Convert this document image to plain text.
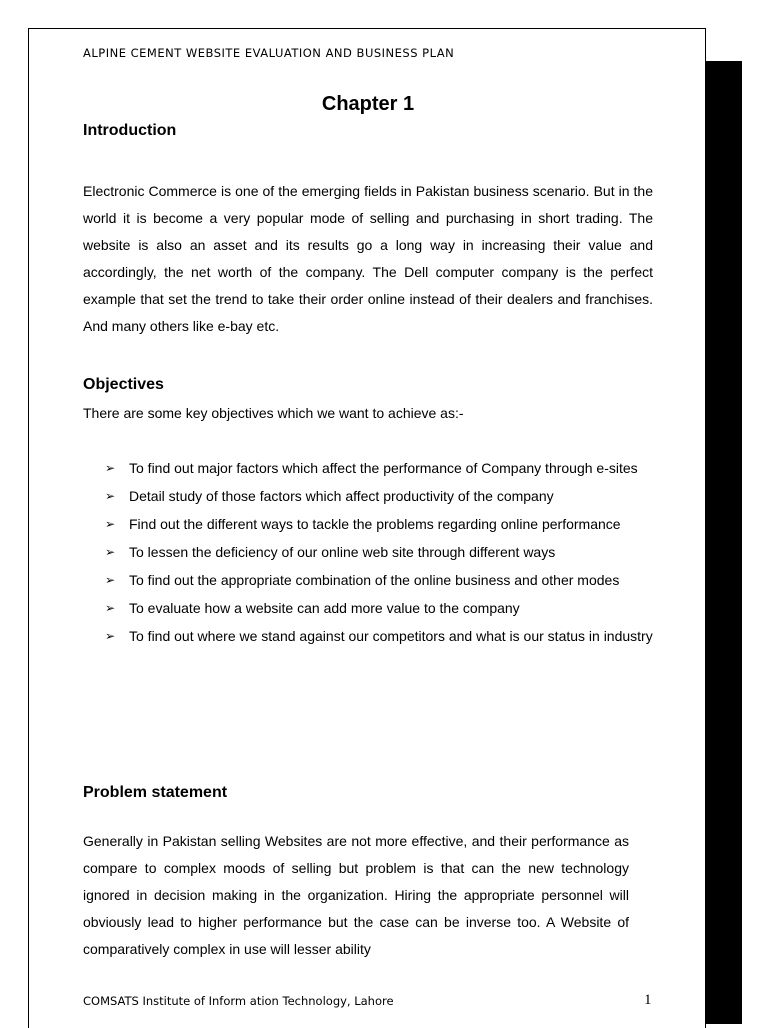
ALPINE CEMENT WEBSITE EVALUATION AND BUSINESS PLAN
Chapter 1
Introduction

Electronic Commerce is one of the emerging fields in Pakistan business scenario. But in the world it is become a very popular mode of selling and purchasing in short trading. The website is also an asset and its results go a long way in increasing their value and accordingly, the net worth of the company. The Dell computer company is the perfect example that set the trend to take their order online instead of their dealers and franchises. And many others like e-bay etc.

Objectives

There are some key objectives which we want to achieve as:-

➢ To find out major factors which affect the performance of Company through e-sites
➢ Detail study of those factors which affect productivity of the company
➢ Find out the different ways to tackle the problems regarding online performance
➢ To lessen the deficiency of our online web site through different ways
➢ To find out the appropriate combination of the online business and other modes
➢ To evaluate how a website can add more value to the company
➢ To find out where we stand against our competitors and what is our status in industry
Problem statement

Generally in Pakistan selling Websites are not more effective, and their performance as compare to complex moods of selling but problem is that can the new technology ignored in decision making in the organization. Hiring the appropriate personnel will obviously lead to higher performance but the case can be inverse too. A Website of comparatively complex in use will lesser ability

COMSATS Institute of Inform ation Technology, Lahore	1
